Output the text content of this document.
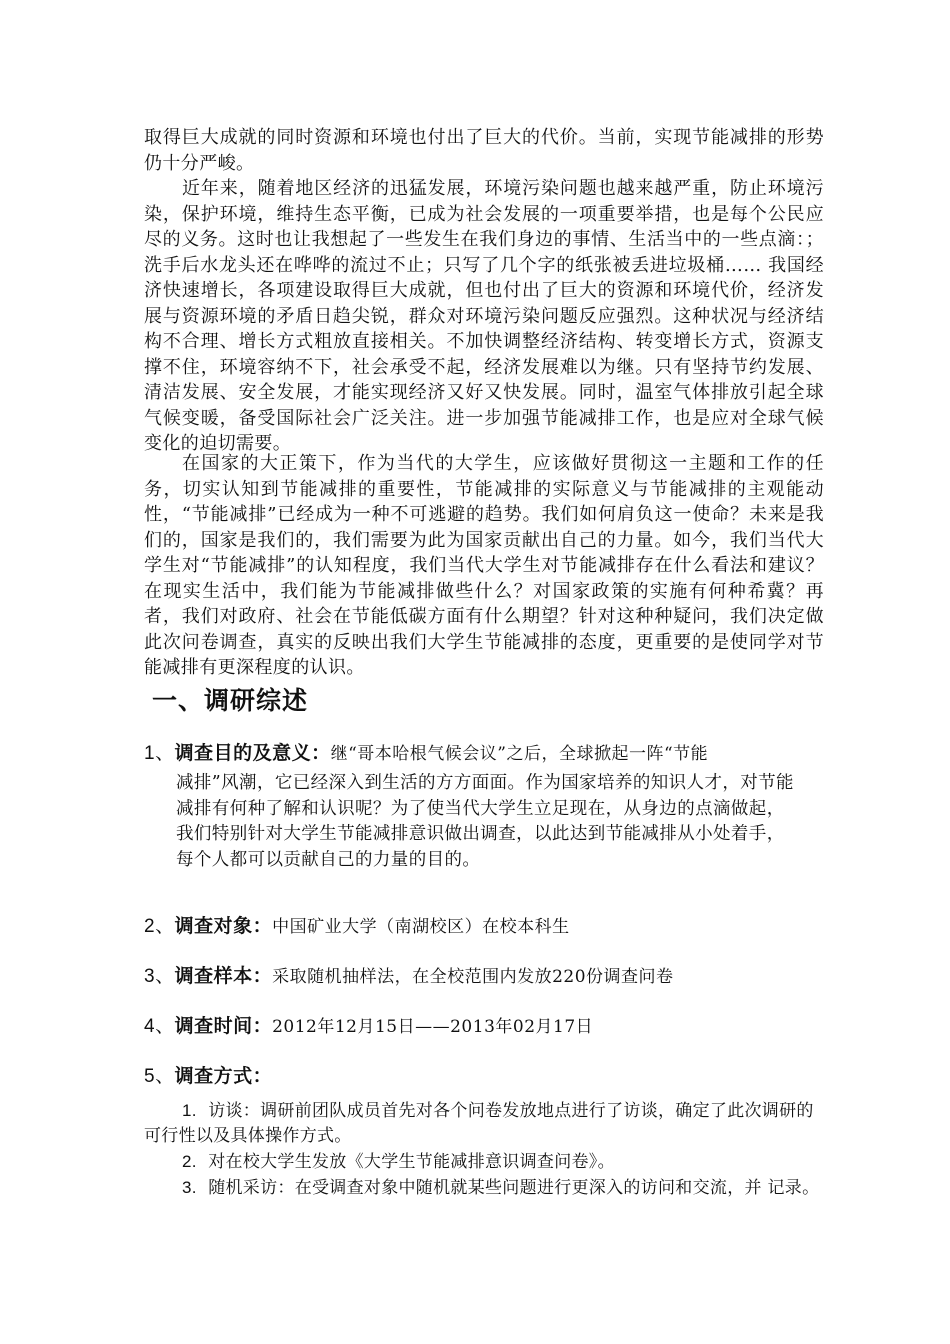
取得巨大成就的同时资源和环境也付出了巨大的代价。当前，实现节能减排的形势仍十分严峻。

近年来，随着地区经济的迅猛发展，环境污染问题也越来越严重，防止环境污染，保护环境，维持生态平衡，已成为社会发展的一项重要举措，也是每个公民应尽的义务。这时也让我想起了一些发生在我们身边的事情、生活当中的一些点滴：；洗手后水龙头还在哗哗的流过不止；只写了几个字的纸张被丢进垃圾桶…… 我国经济快速增长，各项建设取得巨大成就，但也付出了巨大的资源和环境代价，经济发展与资源环境的矛盾日趋尖锐，群众对环境污染问题反应强烈。这种状况与经济结构不合理、增长方式粗放直接相关。不加快调整经济结构、转变增长方式，资源支撑不住，环境容纳不下，社会承受不起，经济发展难以为继。只有坚持节约发展、清洁发展、安全发展，才能实现经济又好又快发展。同时，温室气体排放引起全球气候变暖，备受国际社会广泛关注。进一步加强节能减排工作，也是应对全球气候变化的迫切需要。

在国家的大正策下，作为当代的大学生，应该做好贯彻这一主题和工作的任务，切实认知到节能减排的重要性，节能减排的实际意义与节能减排的主观能动性，“节能减排”已经成为一种不可逃避的趋势。我们如何肩负这一使命？未来是我们的，国家是我们的，我们需要为此为国家贡献出自己的力量。如今，我们当代大学生对“节能减排”的认知程度，我们当代大学生对节能减排存在什么看法和建议？在现实生活中，我们能为节能减排做些什么？对国家政策的实施有何种希冀？再者，我们对政府、社会在节能低碳方面有什么期望？针对这种种疑问，我们决定做此次问卷调查，真实的反映出我们大学生节能减排的态度，更重要的是使同学对节能减排有更深程度的认识。

一、调研综述

1、调查目的及意义：继“哥本哈根气候会议”之后，全球掀起一阵“节能

减排”风潮，它已经深入到生活的方方面面。作为国家培养的知识人才，对节能减排有何种了解和认识呢？为了使当代大学生立足现在，从身边的点滴做起，我们特别针对大学生节能减排意识做出调查，以此达到节能减排从小处着手，每个人都可以贡献自己的力量的目的。

2、调查对象：中国矿业大学（南湖校区）在校本科生

3、调查样本：采取随机抽样法，在全校范围内发放220份调查问卷

4、调查时间：2012年12月15日——2013年02月17日

5、调查方式：

1. 访谈：调研前团队成员首先对各个问卷发放地点进行了访谈，确定了此次调研的可行性以及具体操作方式。
2. 对在校大学生发放《大学生节能减排意识调查问卷》。
3. 随机采访：在受调查对象中随机就某些问题进行更深入的访问和交流，并 记录。
